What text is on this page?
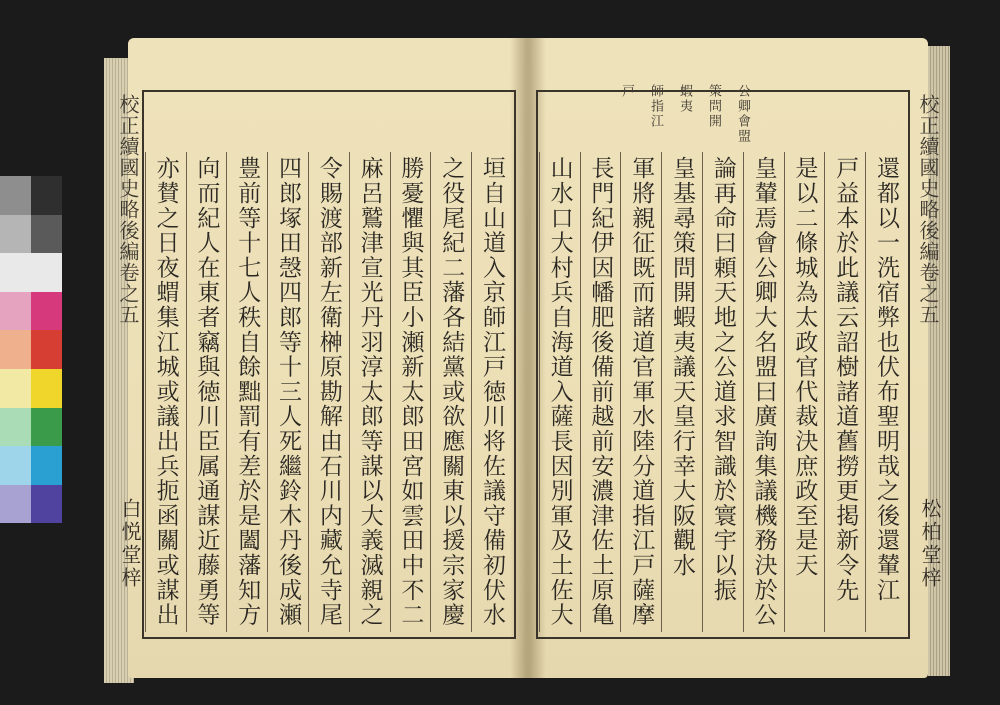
校正續國史略後編卷之五
白悦堂梓	垣自山道入京師江戸徳川将佐議守備初伏水
之役尾紀二藩各結黨或欲應關東以援宗家慶
勝憂懼與其臣小瀬新太郎田宮如雲田中不二
麻呂鷲津宣光丹羽淳太郎等謀以大義滅親之
令賜渡部新左衛榊原勘解由石川内藏允寺尾
四郎塚田愨四郎等十三人死繼鈴木丹後成瀬
豊前等十七人秩自餘黜罰有差於是闔藩知方
向而紀人在東者竊與徳川臣属通謀近藤勇等
亦賛之日夜蝟集江城或議出兵扼函關或謀出	校正續國史略後編卷之五
松柏堂梓
公卿會盟
策問開
蝦夷
師指江
戸
還都以一洗宿弊也伏布聖明哉之後還輦江
戸益本於此議云詔樹諸道舊撈更掲新令先
是以二條城為太政官代裁決庶政至是天
皇輦焉會公卿大名盟曰廣詢集議機務決於公
論再命曰頼天地之公道求智識於寰宇以振
皇基尋策問開蝦夷議天皇行幸大阪觀水
軍將親征既而諸道官軍水陸分道指江戸薩摩
長門紀伊因幡肥後備前越前安濃津佐土原亀
山水口大村兵自海道入薩長因別軍及土佐大
